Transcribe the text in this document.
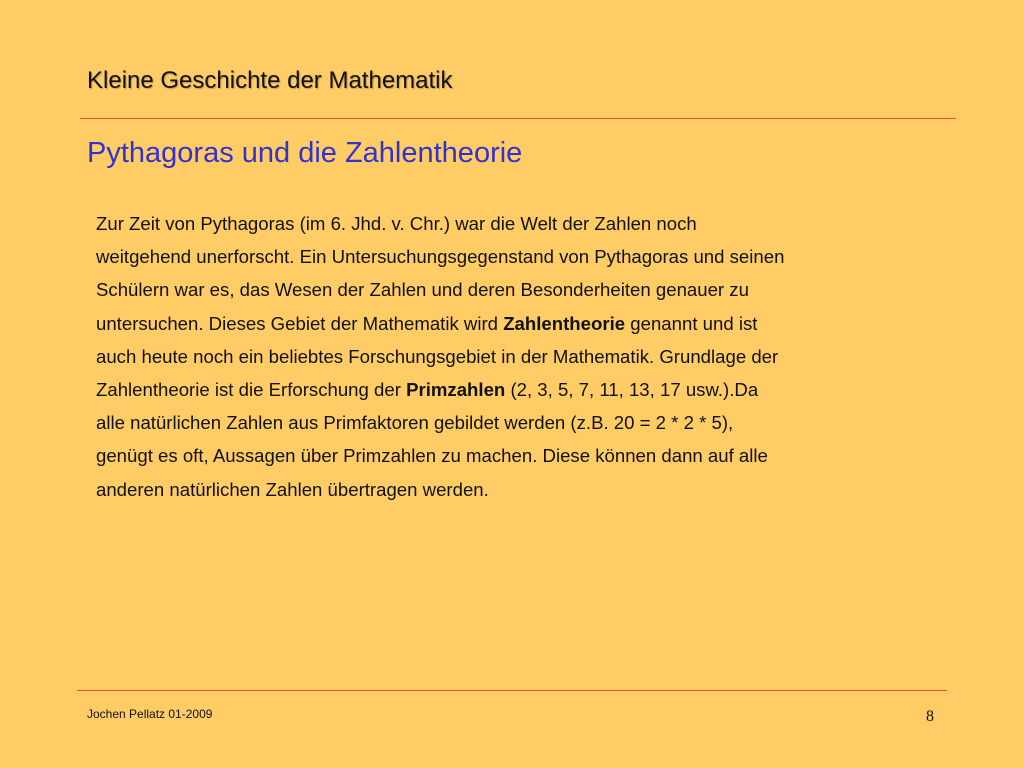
Kleine Geschichte der Mathematik
Pythagoras und die Zahlentheorie
Zur Zeit von Pythagoras (im 6. Jhd. v. Chr.) war die Welt der Zahlen noch
weitgehend unerforscht. Ein Untersuchungsgegenstand von Pythagoras und seinen
Schülern war es, das Wesen der Zahlen und deren Besonderheiten genauer zu
untersuchen. Dieses Gebiet der Mathematik wird Zahlentheorie genannt und ist
auch heute noch ein beliebtes Forschungsgebiet in der Mathematik. Grundlage der
Zahlentheorie ist die Erforschung der Primzahlen (2, 3, 5, 7, 11, 13, 17 usw.).Da
alle natürlichen Zahlen aus Primfaktoren gebildet werden (z.B. 20 = 2 * 2 * 5),
genügt es oft, Aussagen über Primzahlen zu machen. Diese können dann auf alle
anderen natürlichen Zahlen übertragen werden.
Jochen Pellatz 01-2009	8
